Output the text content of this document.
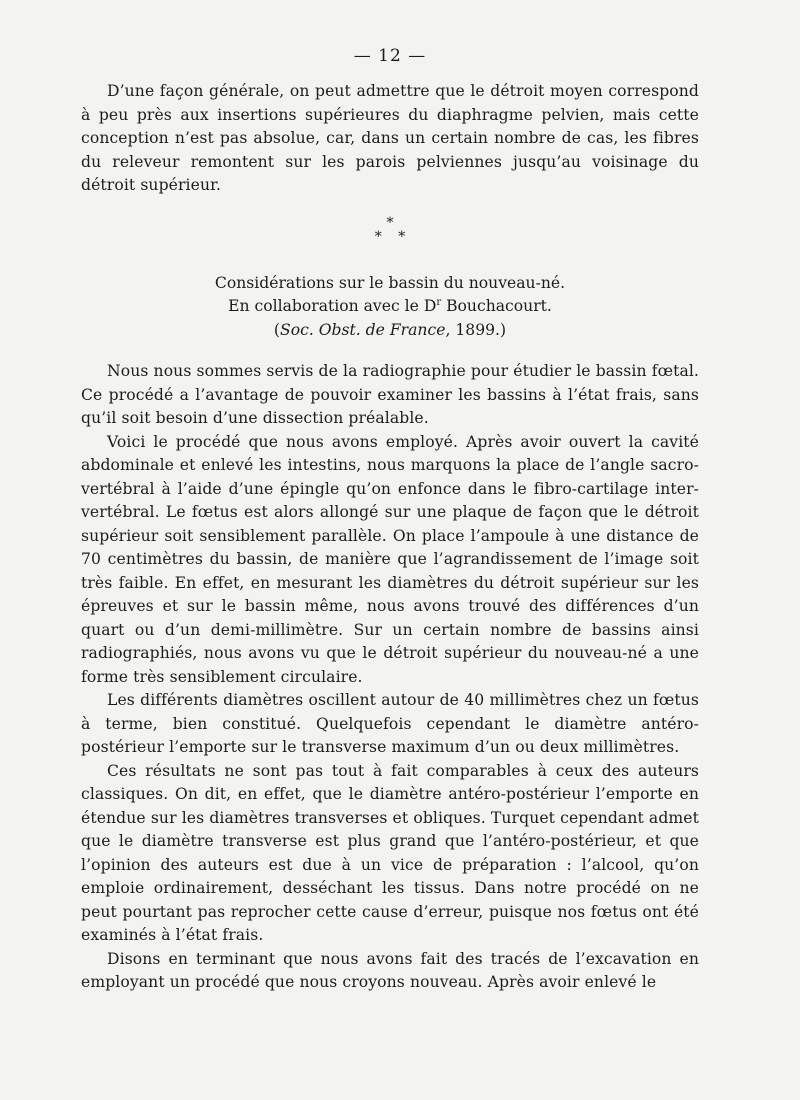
— 12 —

D’une façon générale, on peut admettre que le détroit moyen correspond à peu près aux insertions supérieures du diaphragme pelvien, mais cette conception n’est pas absolue, car, dans un certain nombre de cas, les fibres du releveur remontent sur les parois pelviennes jusqu’au voisinage du détroit supérieur.

*
* *
Considérations sur le bassin du nouveau-né.
En collaboration avec le $D^r$ Bouchacourt.
(Soc. Obst. de France, 1899.)

Nous nous sommes servis de la radiographie pour étudier le bassin fœtal. Ce procédé a l’avantage de pouvoir examiner les bassins à l’état frais, sans qu’il soit besoin d’une dissection préalable.

Voici le procédé que nous avons employé. Après avoir ouvert la cavité abdominale et enlevé les intestins, nous marquons la place de l’angle sacro-vertébral à l’aide d’une épingle qu’on enfonce dans le fibro-cartilage inter-vertébral. Le fœtus est alors allongé sur une plaque de façon que le détroit supérieur soit sensiblement parallèle. On place l’ampoule à une distance de 70 centimètres du bassin, de manière que l’agrandissement de l’image soit très faible. En effet, en mesurant les diamètres du détroit supérieur sur les épreuves et sur le bassin même, nous avons trouvé des différences d’un quart ou d’un demi-millimètre. Sur un certain nombre de bassins ainsi radiographiés, nous avons vu que le détroit supérieur du nouveau-né a une forme très sensiblement circulaire.

Les différents diamètres oscillent autour de 40 millimètres chez un fœtus à terme, bien constitué. Quelquefois cependant le diamètre antéro-postérieur l’emporte sur le transverse maximum d’un ou deux millimètres.

Ces résultats ne sont pas tout à fait comparables à ceux des auteurs classiques. On dit, en effet, que le diamètre antéro-postérieur l’emporte en étendue sur les diamètres transverses et obliques. Turquet cependant admet que le diamètre transverse est plus grand que l’antéro-postérieur, et que l’opinion des auteurs est due à un vice de préparation : l’alcool, qu’on emploie ordinairement, desséchant les tissus. Dans notre procédé on ne peut pourtant pas reprocher cette cause d’erreur, puisque nos fœtus ont été examinés à l’état frais.

Disons en terminant que nous avons fait des tracés de l’excavation en employant un procédé que nous croyons nouveau. Après avoir enlevé le
